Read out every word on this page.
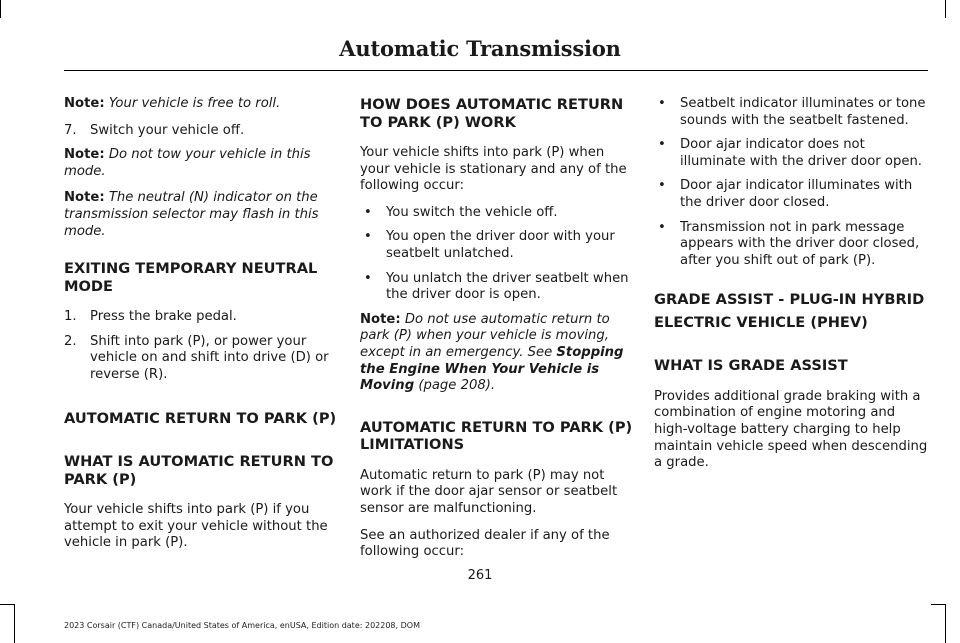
Automatic Transmission

Note: Your vehicle is free to roll.

7. Switch your vehicle off.

Note: Do not tow your vehicle in this mode.

Note: The neutral (N) indicator on the transmission selector may flash in this mode.

EXITING TEMPORARY NEUTRAL MODE
1. Press the brake pedal.
2. Shift into park (P), or power your vehicle on and shift into drive (D) or reverse (R).
AUTOMATIC RETURN TO PARK (P)
WHAT IS AUTOMATIC RETURN TO PARK (P)

Your vehicle shifts into park (P) if you attempt to exit your vehicle without the vehicle in park (P).

HOW DOES AUTOMATIC RETURN TO PARK (P) WORK

Your vehicle shifts into park (P) when your vehicle is stationary and any of the following occur:

• You switch the vehicle off.
• You open the driver door with your seatbelt unlatched.
• You unlatch the driver seatbelt when the driver door is open.

Note: Do not use automatic return to park (P) when your vehicle is moving, except in an emergency. See Stopping the Engine When Your Vehicle is Moving (page 208).

AUTOMATIC RETURN TO PARK (P) LIMITATIONS

Automatic return to park (P) may not work if the door ajar sensor or seatbelt sensor are malfunctioning.

See an authorized dealer if any of the following occur:

• Seatbelt indicator illuminates or tone sounds with the seatbelt fastened.
• Door ajar indicator does not illuminate with the driver door open.
• Door ajar indicator illuminates with the driver door closed.
• Transmission not in park message appears with the driver door closed, after you shift out of park (P).
GRADE ASSIST - PLUG-IN HYBRID
ELECTRIC VEHICLE (PHEV)
WHAT IS GRADE ASSIST

Provides additional grade braking with a combination of engine motoring and high-voltage battery charging to help maintain vehicle speed when descending a grade.

261
2023 Corsair (CTF) Canada/United States of America, enUSA, Edition date: 202208, DOM
